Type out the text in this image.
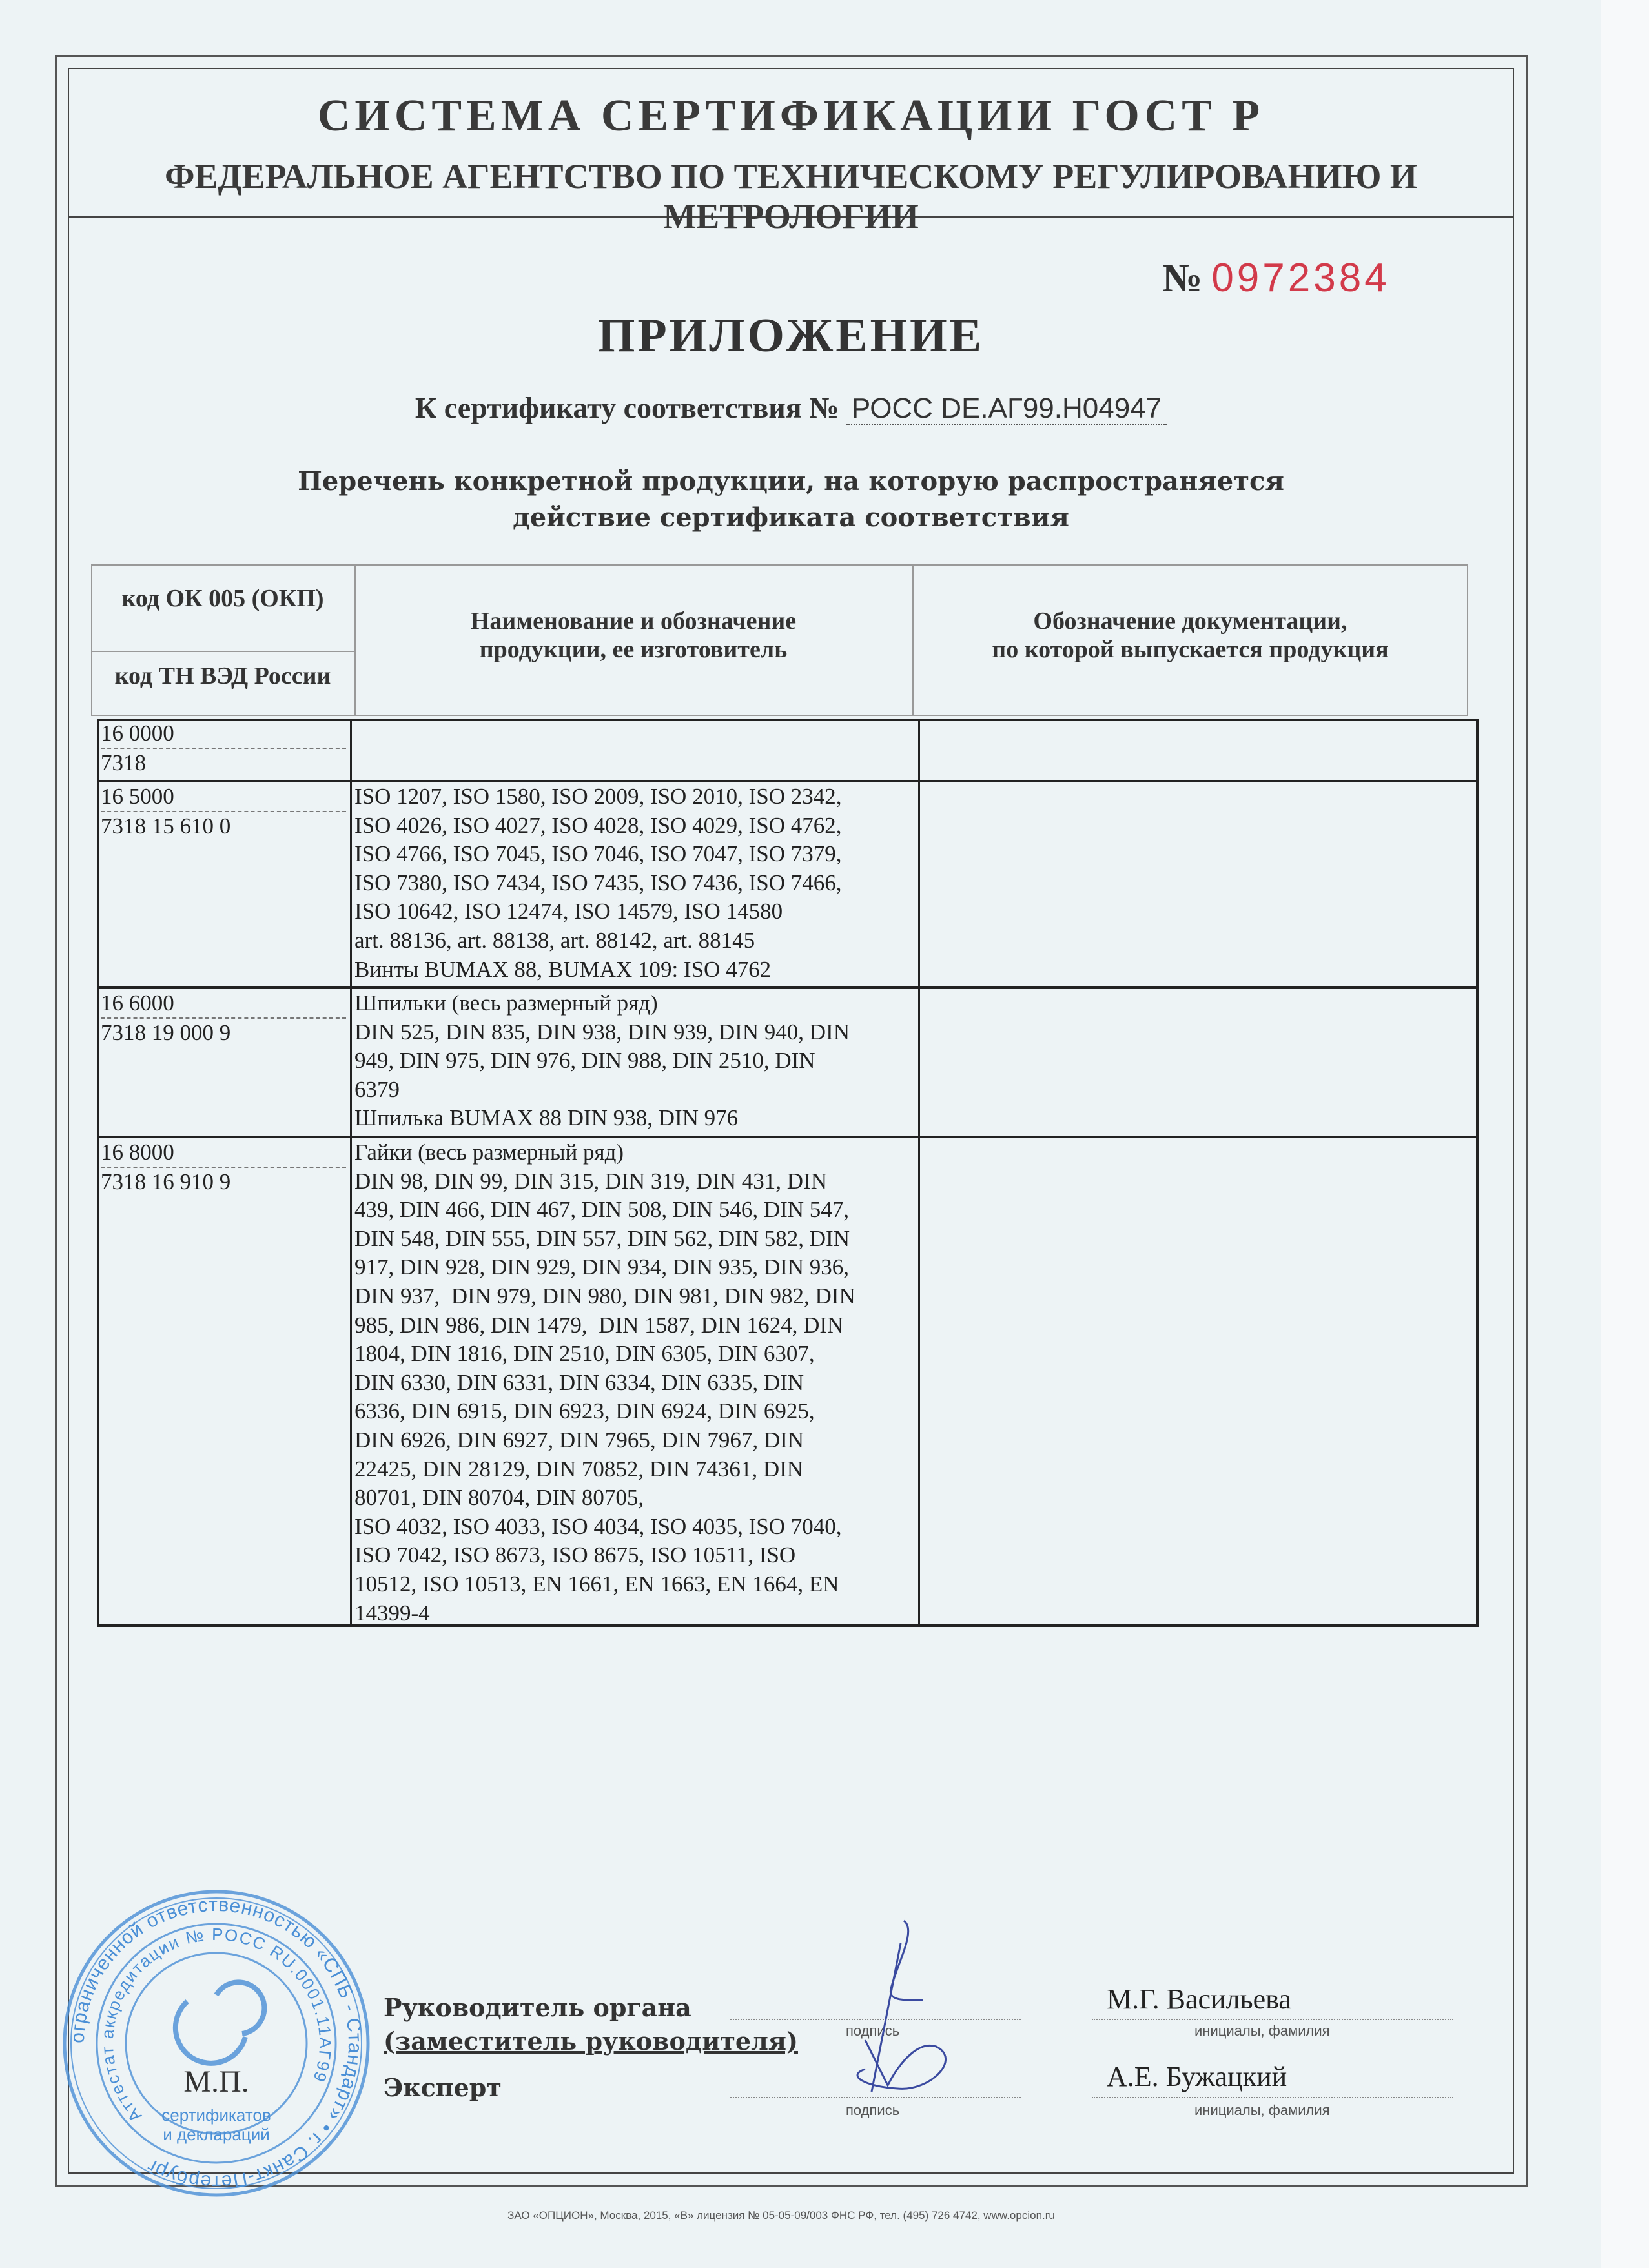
СИСТЕМА СЕРТИФИКАЦИИ ГОСТ Р
ФЕДЕРАЛЬНОЕ АГЕНТСТВО ПО ТЕХНИЧЕСКОМУ РЕГУЛИРОВАНИЮ И МЕТРОЛОГИИ
№ 0972384
ПРИЛОЖЕНИЕ
К сертификату соответствия № РОСС DE.АГ99.Н04947
Перечень конкретной продукции, на которую распространяется
действие сертификата соответствия
код ОК 005 (ОКП)
код ТН ВЭД России
Наименование и обозначение
продукции, ее изготовитель
Обозначение документации,
по которой выпускается продукция
16 0000
7318
16 5000
7318 15 610 0
ISO 1207, ISO 1580, ISO 2009, ISO 2010, ISO 2342,
ISO 4026, ISO 4027, ISO 4028, ISO 4029, ISO 4762,
ISO 4766, ISO 7045, ISO 7046, ISO 7047, ISO 7379,
ISO 7380, ISO 7434, ISO 7435, ISO 7436, ISO 7466,
ISO 10642, ISO 12474, ISO 14579, ISO 14580
art. 88136, art. 88138, art. 88142, art. 88145
Винты BUMAX 88, BUMAX 109: ISO 4762
16 6000
7318 19 000 9
Шпильки (весь размерный ряд)
DIN 525, DIN 835, DIN 938, DIN 939, DIN 940, DIN
949, DIN 975, DIN 976, DIN 988, DIN 2510, DIN
6379
Шпилька BUMAX 88 DIN 938, DIN 976
16 8000
7318 16 910 9
Гайки (весь размерный ряд)
DIN 98, DIN 99, DIN 315, DIN 319, DIN 431, DIN
439, DIN 466, DIN 467, DIN 508, DIN 546, DIN 547,
DIN 548, DIN 555, DIN 557, DIN 562, DIN 582, DIN
917, DIN 928, DIN 929, DIN 934, DIN 935, DIN 936,
DIN 937,  DIN 979, DIN 980, DIN 981, DIN 982, DIN
985, DIN 986, DIN 1479,  DIN 1587, DIN 1624, DIN
1804, DIN 1816, DIN 2510, DIN 6305, DIN 6307,
DIN 6330, DIN 6331, DIN 6334, DIN 6335, DIN
6336, DIN 6915, DIN 6923, DIN 6924, DIN 6925,
DIN 6926, DIN 6927, DIN 7965, DIN 7967, DIN
22425, DIN 28129, DIN 70852, DIN 74361, DIN
80701, DIN 80704, DIN 80705,
ISO 4032, ISO 4033, ISO 4034, ISO 4035, ISO 7040,
ISO 7042, ISO 8673, ISO 8675, ISO 10511, ISO
10512, ISO 10513, EN 1661, EN 1663, EN 1664, EN
14399-4
ограниченной ответственностью «СПБ - Стандарт» • г. Санкт-Петербург
Аттестат аккредитации № РОСС RU.0001.11АГ99
М.П.
сертификатов
и деклараций
Руководитель органа
(заместитель руководителя)
Эксперт
подпись
подпись
М.Г. Васильева
инициалы, фамилия
А.Е. Бужацкий
инициалы, фамилия
ЗАО «ОПЦИОН», Москва, 2015, «В» лицензия № 05-05-09/003 ФНС РФ, тел. (495) 726 4742, www.opcion.ru
